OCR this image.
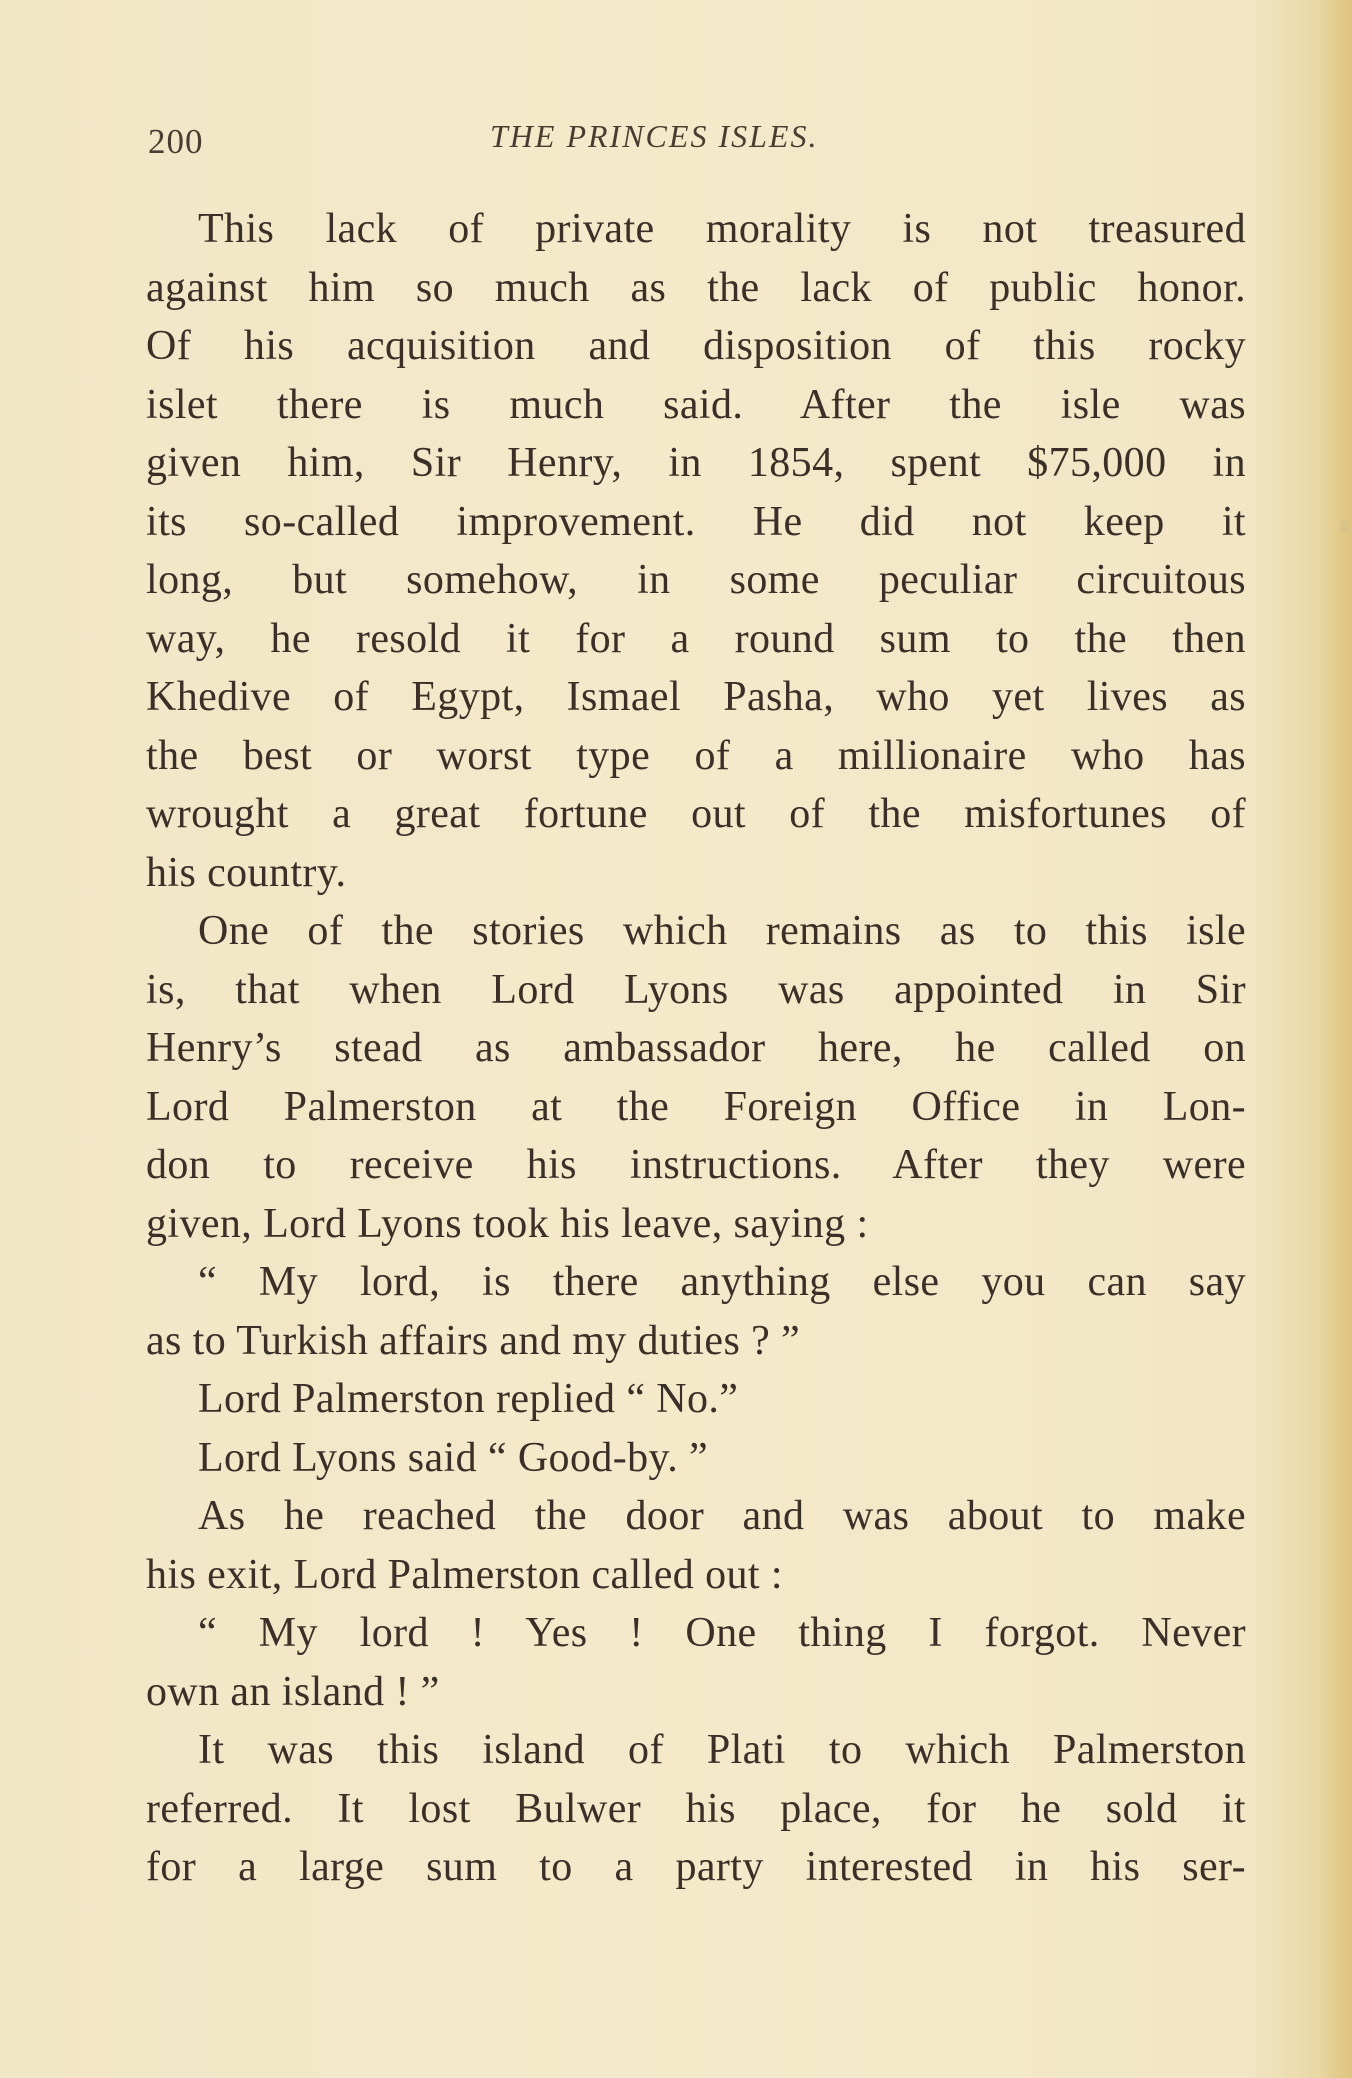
200	THE PRINCES ISLES.
This lack of private morality is not treasured
against him so much as the lack of public honor.
Of his acquisition and disposition of this rocky
islet there is much said. After the isle was
given him, Sir Henry, in 1854, spent $75,000 in
its so-called improvement. He did not keep it
long, but somehow, in some peculiar circuitous
way, he resold it for a round sum to the then
Khedive of Egypt, Ismael Pasha, who yet lives as
the best or worst type of a millionaire who has
wrought a great fortune out of the misfortunes of
his country.
One of the stories which remains as to this isle
is, that when Lord Lyons was appointed in Sir
Henry’s stead as ambassador here, he called on
Lord Palmerston at the Foreign Office in Lon-
don to receive his instructions. After they were
given, Lord Lyons took his leave, saying :
“ My lord, is there anything else you can say
as to Turkish affairs and my duties ? ”
Lord Palmerston replied “ No.”
Lord Lyons said “ Good-by. ”
As he reached the door and was about to make
his exit, Lord Palmerston called out :
“ My lord ! Yes ! One thing I forgot. Never
own an island ! ”
It was this island of Plati to which Palmerston
referred. It lost Bulwer his place, for he sold it
for a large sum to a party interested in his ser-
